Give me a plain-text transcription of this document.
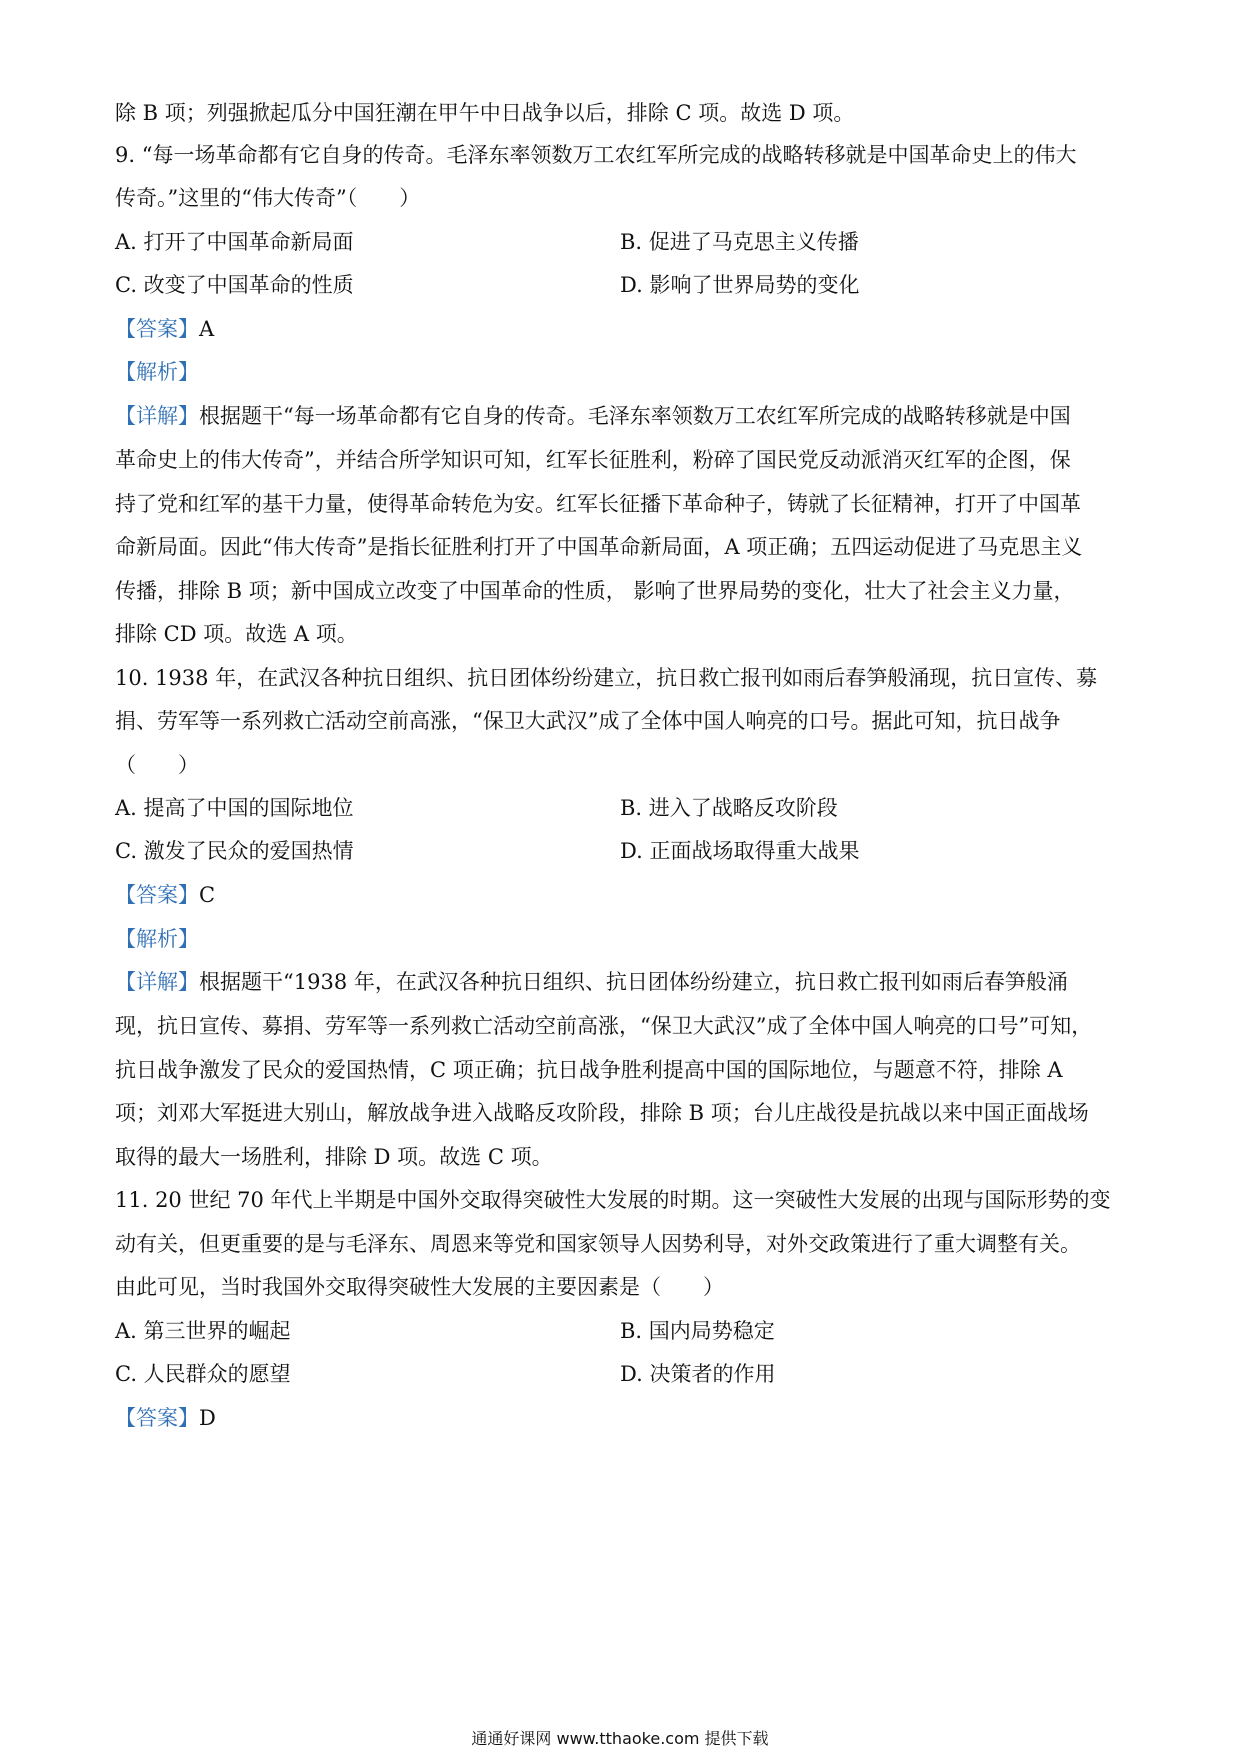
除 B 项；列强掀起瓜分中国狂潮在甲午中日战争以后，排除 C 项。故选 D 项。
9. “每一场革命都有它自身的传奇。毛泽东率领数万工农红军所完成的战略转移就是中国革命史上的伟大
传奇。”这里的“伟大传奇”（　　）
A. 打开了中国革命新局面	B. 促进了马克思主义传播
C. 改变了中国革命的性质	D. 影响了世界局势的变化
【答案】A
【解析】
【详解】根据题干“每一场革命都有它自身的传奇。毛泽东率领数万工农红军所完成的战略转移就是中国
革命史上的伟大传奇”，并结合所学知识可知，红军长征胜利，粉碎了国民党反动派消灭红军的企图，保
持了党和红军的基干力量，使得革命转危为安。红军长征播下革命种子，铸就了长征精神，打开了中国革
命新局面。因此“伟大传奇”是指长征胜利打开了中国革命新局面，A 项正确；五四运动促进了马克思主义
传播，排除 B 项；新中国成立改变了中国革命的性质， 影响了世界局势的变化，壮大了社会主义力量，
排除 CD 项。故选 A 项。
10. 1938 年，在武汉各种抗日组织、抗日团体纷纷建立，抗日救亡报刊如雨后春笋般涌现，抗日宣传、募
捐、劳军等一系列救亡活动空前高涨，“保卫大武汉”成了全体中国人响亮的口号。据此可知，抗日战争
（　　）
A. 提高了中国的国际地位	B. 进入了战略反攻阶段
C. 激发了民众的爱国热情	D. 正面战场取得重大战果
【答案】C
【解析】
【详解】根据题干“1938 年，在武汉各种抗日组织、抗日团体纷纷建立，抗日救亡报刊如雨后春笋般涌
现，抗日宣传、募捐、劳军等一系列救亡活动空前高涨，“保卫大武汉”成了全体中国人响亮的口号”可知，
抗日战争激发了民众的爱国热情，C 项正确；抗日战争胜利提高中国的国际地位，与题意不符，排除 A
项；刘邓大军挺进大别山，解放战争进入战略反攻阶段，排除 B 项；台儿庄战役是抗战以来中国正面战场
取得的最大一场胜利，排除 D 项。故选 C 项。
11. 20 世纪 70 年代上半期是中国外交取得突破性大发展的时期。这一突破性大发展的出现与国际形势的变
动有关，但更重要的是与毛泽东、周恩来等党和国家领导人因势利导，对外交政策进行了重大调整有关。
由此可见，当时我国外交取得突破性大发展的主要因素是（　　）
A. 第三世界的崛起	B. 国内局势稳定
C. 人民群众的愿望	D. 决策者的作用
【答案】D
通通好课网 www.tthaoke.com 提供下载
